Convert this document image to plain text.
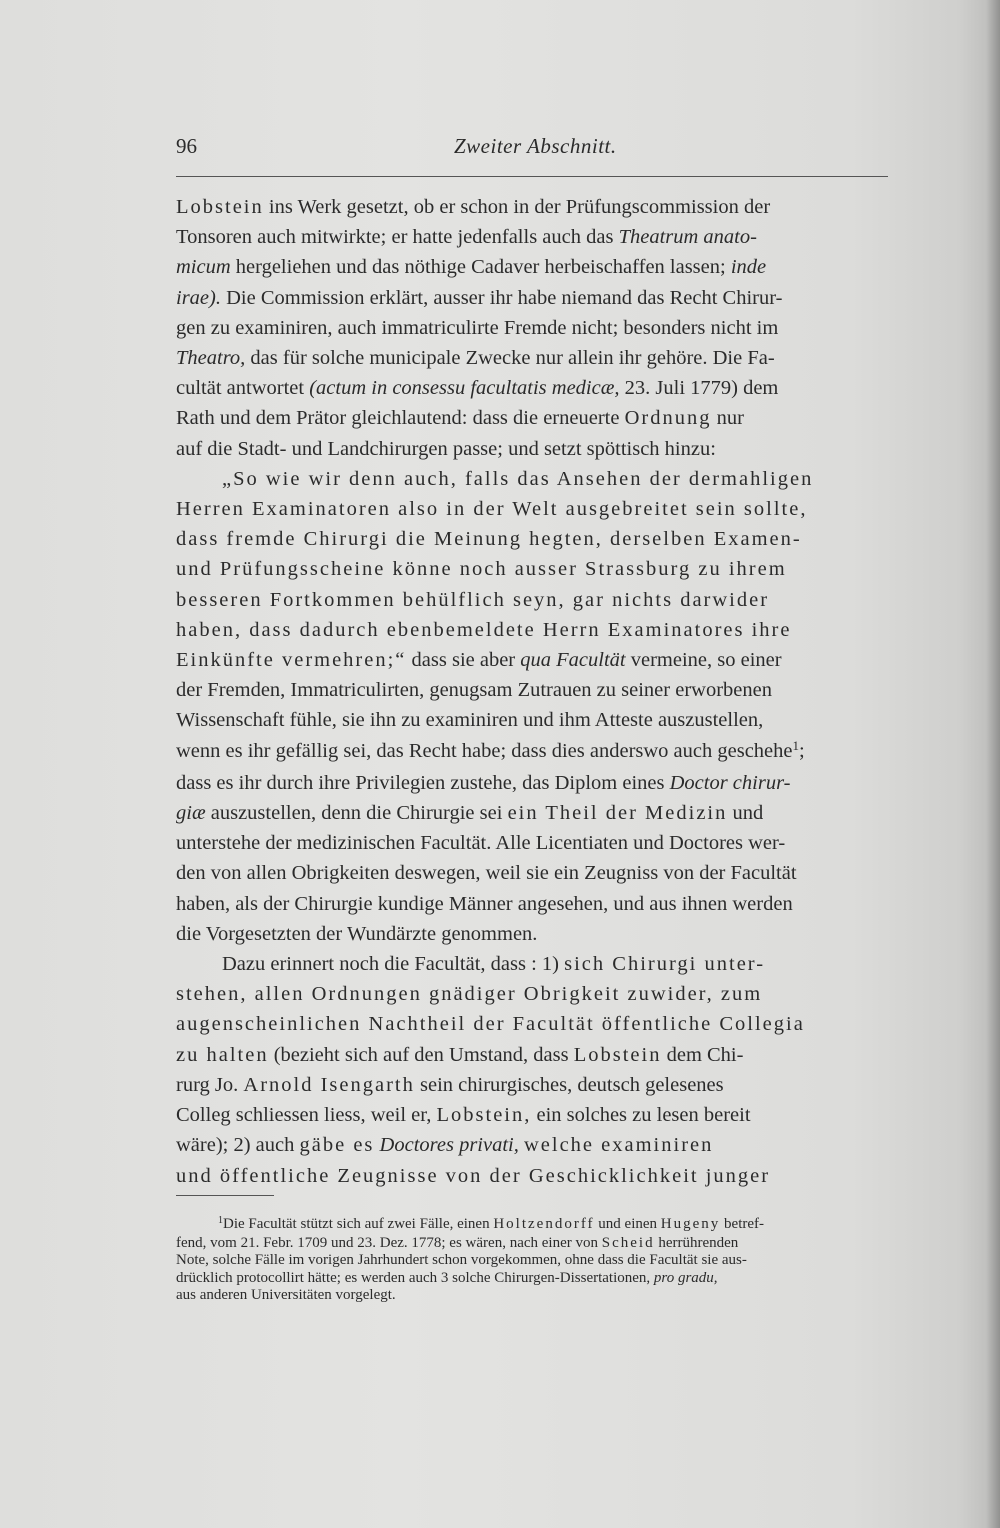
96	Zweiter Abschnitt.
Lobstein ins Werk gesetzt, ob er schon in der Prüfungscommission der
Tonsoren auch mitwirkte; er hatte jedenfalls auch das Theatrum anato-
micum hergeliehen und das nöthige Cadaver herbeischaffen lassen; inde
irae). Die Commission erklärt, ausser ihr habe niemand das Recht Chirur-
gen zu examiniren, auch immatriculirte Fremde nicht; besonders nicht im
Theatro, das für solche municipale Zwecke nur allein ihr gehöre. Die Fa-
cultät antwortet (actum in consessu facultatis medicæ, 23. Juli 1779) dem
Rath und dem Prätor gleichlautend: dass die erneuerte Ordnung nur
auf die Stadt- und Landchirurgen passe; und setzt spöttisch hinzu:
„So wie wir denn auch, falls das Ansehen der dermahligen
Herren Examinatoren also in der Welt ausgebreitet sein sollte,
dass fremde Chirurgi die Meinung hegten, derselben Examen-
und Prüfungsscheine könne noch ausser Strassburg zu ihrem
besseren Fortkommen behülflich seyn, gar nichts darwider
haben, dass dadurch ebenbemeldete Herrn Examinatores ihre
Einkünfte vermehren;“ dass sie aber qua Facultät vermeine, so einer
der Fremden, Immatriculirten, genugsam Zutrauen zu seiner erworbenen
Wissenschaft fühle, sie ihn zu examiniren und ihm Atteste auszustellen,
wenn es ihr gefällig sei, das Recht habe; dass dies anderswo auch geschehe$^1$;
dass es ihr durch ihre Privilegien zustehe, das Diplom eines Doctor chirur-
giæ auszustellen, denn die Chirurgie sei ein Theil der Medizin und
unterstehe der medizinischen Facultät. Alle Licentiaten und Doctores wer-
den von allen Obrigkeiten deswegen, weil sie ein Zeugniss von der Facultät
haben, als der Chirurgie kundige Männer angesehen, und aus ihnen werden
die Vorgesetzten der Wundärzte genommen.
Dazu erinnert noch die Facultät, dass : 1) sich Chirurgi unter-
stehen, allen Ordnungen gnädiger Obrigkeit zuwider, zum
augenscheinlichen Nachtheil der Facultät öffentliche Collegia
zu halten (bezieht sich auf den Umstand, dass Lobstein dem Chi-
rurg Jo. Arnold Isengarth sein chirurgisches, deutsch gelesenes
Colleg schliessen liess, weil er, Lobstein, ein solches zu lesen bereit
wäre); 2) auch gäbe es Doctores privati, welche examiniren
und öffentliche Zeugnisse von der Geschicklichkeit junger
$^1$Die Facultät stützt sich auf zwei Fälle, einen Holtzendorff und einen Hugeny betref-
fend, vom 21. Febr. 1709 und 23. Dez. 1778; es wären, nach einer von Scheid herrührenden
Note, solche Fälle im vorigen Jahrhundert schon vorgekommen, ohne dass die Facultät sie aus-
drücklich protocollirt hätte; es werden auch 3 solche Chirurgen-Dissertationen, pro gradu,
aus anderen Universitäten vorgelegt.
